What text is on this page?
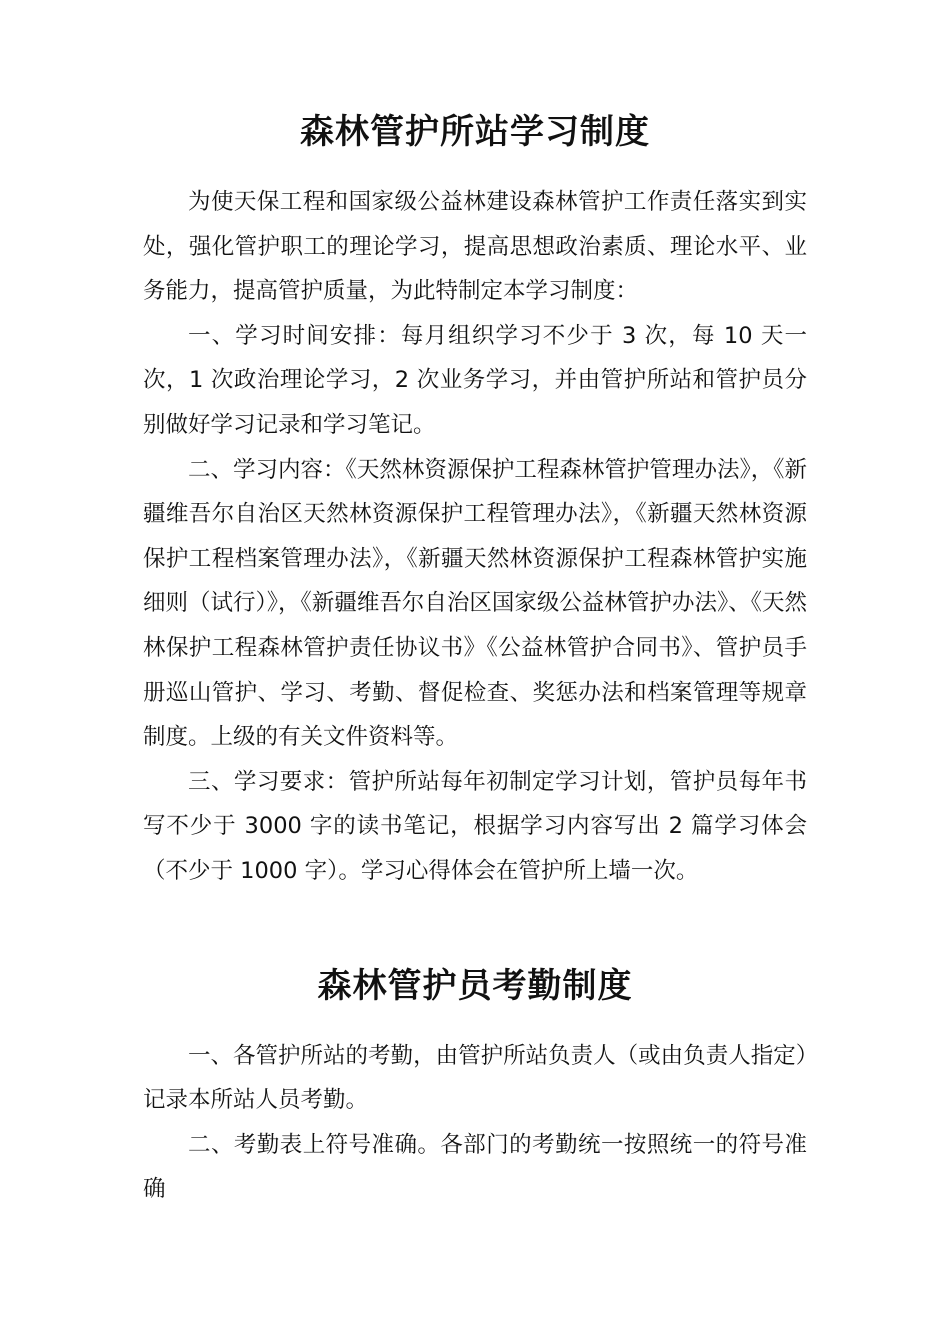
森林管护所站学习制度

为使天保工程和国家级公益林建设森林管护工作责任落实到实处，强化管护职工的理论学习，提高思想政治素质、理论水平、业务能力，提高管护质量，为此特制定本学习制度：

一、学习时间安排：每月组织学习不少于 3 次，每 10 天一次，1 次政治理论学习，2 次业务学习，并由管护所站和管护员分别做好学习记录和学习笔记。

二、学习内容：《天然林资源保护工程森林管护管理办法》，《新疆维吾尔自治区天然林资源保护工程管理办法》，《新疆天然林资源保护工程档案管理办法》，《新疆天然林资源保护工程森林管护实施细则（试行）》，《新疆维吾尔自治区国家级公益林管护办法》、《天然林保护工程森林管护责任协议书》《公益林管护合同书》、管护员手册巡山管护、学习、考勤、督促检查、奖惩办法和档案管理等规章制度。上级的有关文件资料等。

三、学习要求：管护所站每年初制定学习计划，管护员每年书写不少于 3000 字的读书笔记，根据学习内容写出 2 篇学习体会（不少于 1000 字）。学习心得体会在管护所上墙一次。

森林管护员考勤制度

一、各管护所站的考勤，由管护所站负责人（或由负责人指定）记录本所站人员考勤。

二、考勤表上符号准确。各部门的考勤统一按照统一的符号准确
